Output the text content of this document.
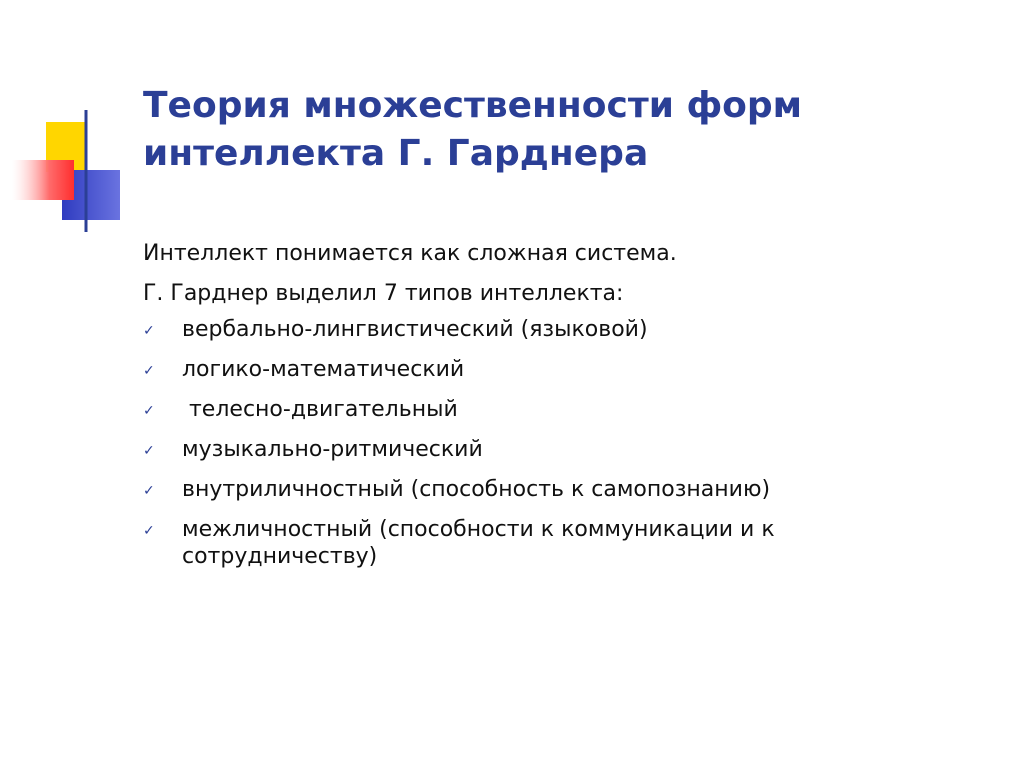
Теория множественности форм
интеллекта Г. Гарднера

Интеллект понимается как сложная система.

Г. Гарднер выделил 7 типов интеллекта:

✓ вербально-лингвистический (языковой)
✓ логико-математический
✓ телесно-двигательный
✓ музыкально-ритмический
✓ внутриличностный (способность к самопознанию)
✓ межличностный (способности к коммуникации и к сотрудничеству)
